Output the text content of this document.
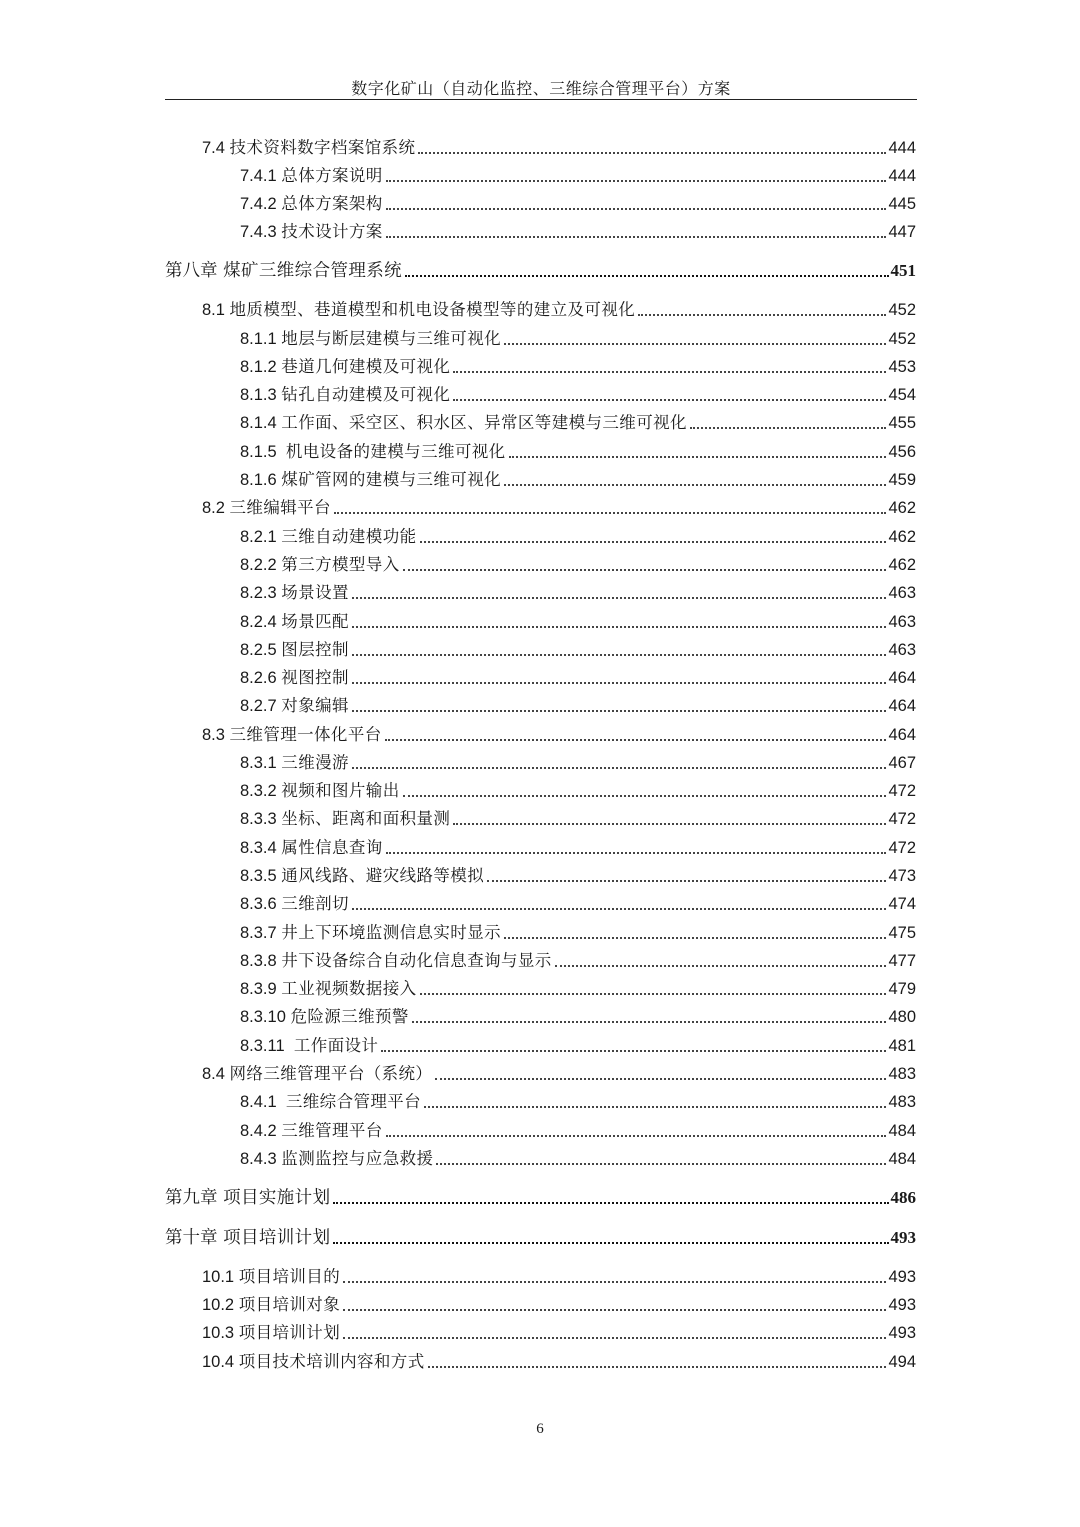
数字化矿山（自动化监控、三维综合管理平台）方案
7.4 技术资料数字档案馆系统	444
7.4.1 总体方案说明	444
7.4.2 总体方案架构	445
7.4.3 技术设计方案	447
第八章 煤矿三维综合管理系统	451
8.1 地质模型、巷道模型和机电设备模型等的建立及可视化	452
8.1.1 地层与断层建模与三维可视化	452
8.1.2 巷道几何建模及可视化	453
8.1.3 钻孔自动建模及可视化	454
8.1.4 工作面、采空区、积水区、异常区等建模与三维可视化	455
8.1.5 机电设备的建模与三维可视化	456
8.1.6 煤矿管网的建模与三维可视化	459
8.2 三维编辑平台	462
8.2.1 三维自动建模功能	462
8.2.2 第三方模型导入	462
8.2.3 场景设置	463
8.2.4 场景匹配	463
8.2.5 图层控制	463
8.2.6 视图控制	464
8.2.7 对象编辑	464
8.3 三维管理一体化平台	464
8.3.1 三维漫游	467
8.3.2 视频和图片输出	472
8.3.3 坐标、距离和面积量测	472
8.3.4 属性信息查询	472
8.3.5 通风线路、避灾线路等模拟	473
8.3.6 三维剖切	474
8.3.7 井上下环境监测信息实时显示	475
8.3.8 井下设备综合自动化信息查询与显示	477
8.3.9 工业视频数据接入	479
8.3.10 危险源三维预警	480
8.3.11 工作面设计	481
8.4 网络三维管理平台（系统）	483
8.4.1 三维综合管理平台	483
8.4.2 三维管理平台	484
8.4.3 监测监控与应急救援	484
第九章 项目实施计划	486
第十章 项目培训计划	493
10.1 项目培训目的	493
10.2 项目培训对象	493
10.3 项目培训计划	493
10.4 项目技术培训内容和方式	494
6
